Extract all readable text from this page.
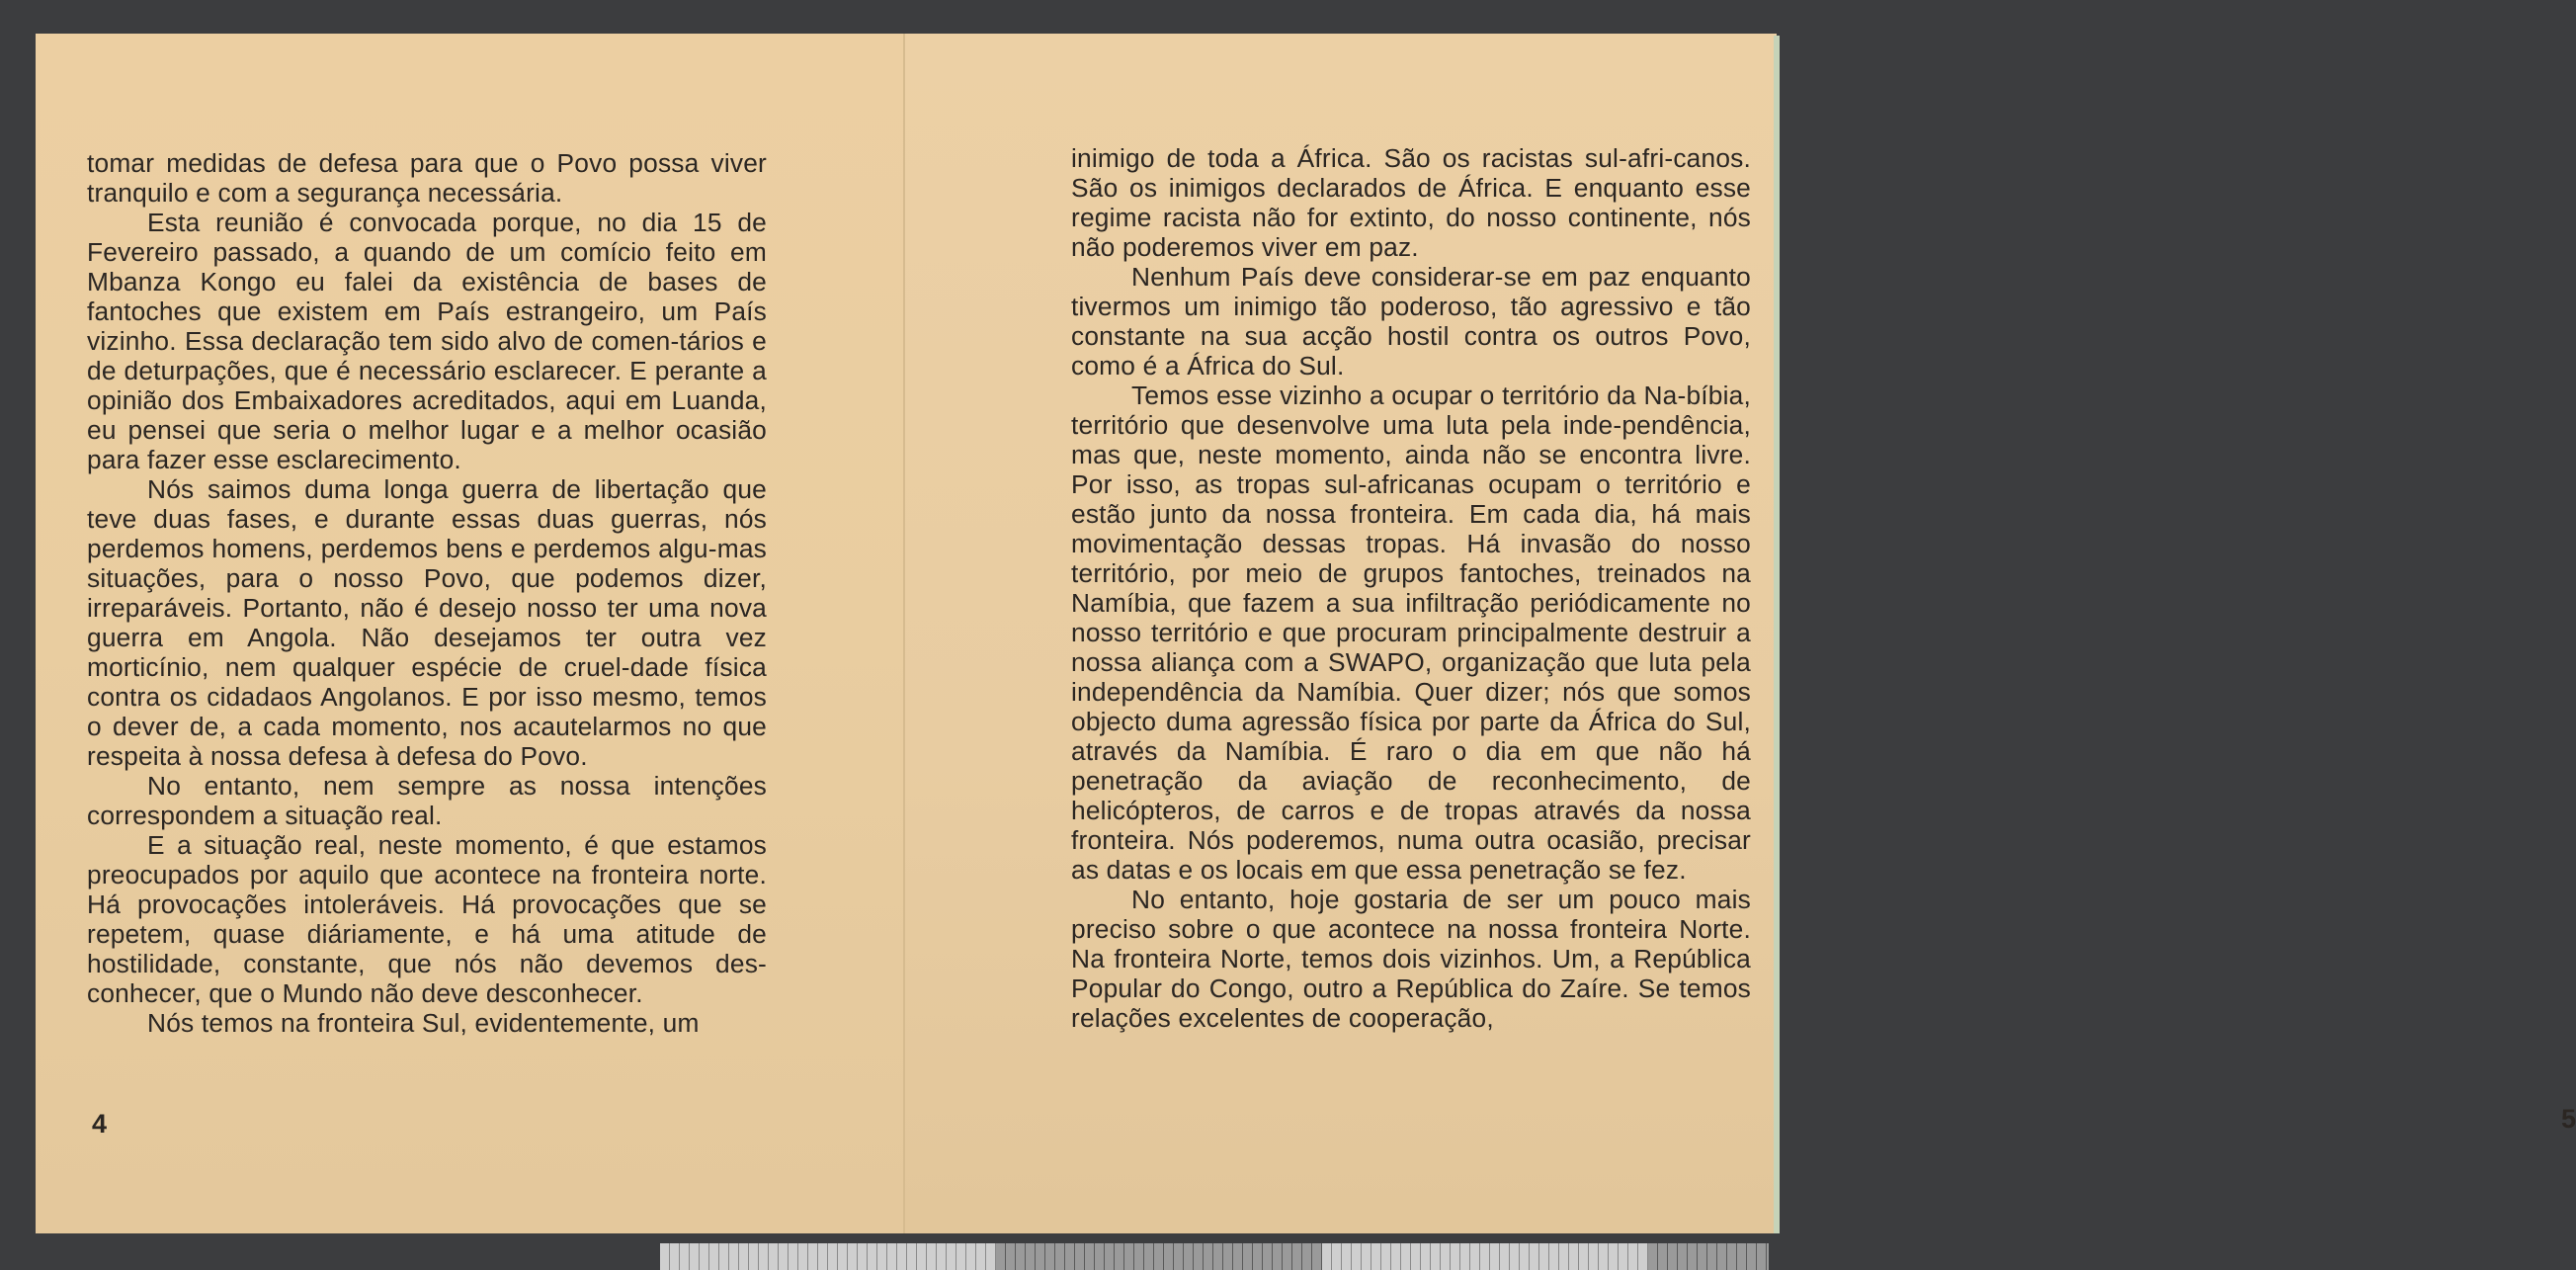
tomar medidas de defesa para que o Povo possa viver tranquilo e com a segurança necessária.

Esta reunião é convocada porque, no dia 15 de Fevereiro passado, a quando de um comício feito em Mbanza Kongo eu falei da existência de bases de fantoches que existem em País estrangeiro, um País vizinho. Essa declaração tem sido alvo de comen-tários e de deturpações, que é necessário esclarecer. E perante a opinião dos Embaixadores acreditados, aqui em Luanda, eu pensei que seria o melhor lugar e a melhor ocasião para fazer esse esclarecimento.

Nós saimos duma longa guerra de libertação que teve duas fases, e durante essas duas guerras, nós perdemos homens, perdemos bens e perdemos algu-mas situações, para o nosso Povo, que podemos dizer, irreparáveis. Portanto, não é desejo nosso ter uma nova guerra em Angola. Não desejamos ter outra vez morticínio, nem qualquer espécie de cruel-dade física contra os cidadaos Angolanos. E por isso mesmo, temos o dever de, a cada momento, nos acautelarmos no que respeita à nossa defesa à defesa do Povo.

No entanto, nem sempre as nossa intenções correspondem a situação real.

E a situação real, neste momento, é que estamos preocupados por aquilo que acontece na fronteira norte. Há provocações intoleráveis. Há provocações que se repetem, quase diáriamente, e há uma atitude de hostilidade, constante, que nós não devemos des-conhecer, que o Mundo não deve desconhecer.

Nós temos na fronteira Sul, evidentemente, um

4

inimigo de toda a África. São os racistas sul-afri-canos. São os inimigos declarados de África. E enquanto esse regime racista não for extinto, do nosso continente, nós não poderemos viver em paz.

Nenhum País deve considerar-se em paz enquanto tivermos um inimigo tão poderoso, tão agressivo e tão constante na sua acção hostil contra os outros Povo, como é a África do Sul.

Temos esse vizinho a ocupar o território da Na-bíbia, território que desenvolve uma luta pela inde-pendência, mas que, neste momento, ainda não se encontra livre. Por isso, as tropas sul-africanas ocupam o território e estão junto da nossa fronteira. Em cada dia, há mais movimentação dessas tropas. Há invasão do nosso território, por meio de grupos fantoches, treinados na Namíbia, que fazem a sua infiltração periódicamente no nosso território e que procuram principalmente destruir a nossa aliança com a SWAPO, organização que luta pela independência da Namíbia. Quer dizer; nós que somos objecto duma agressão física por parte da África do Sul, através da Namíbia. É raro o dia em que não há penetração da aviação de reconhecimento, de helicópteros, de carros e de tropas através da nossa fronteira. Nós poderemos, numa outra ocasião, precisar as datas e os locais em que essa penetração se fez.

No entanto, hoje gostaria de ser um pouco mais preciso sobre o que acontece na nossa fronteira Norte. Na fronteira Norte, temos dois vizinhos. Um, a República Popular do Congo, outro a República do Zaíre. Se temos relações excelentes de cooperação,

5
